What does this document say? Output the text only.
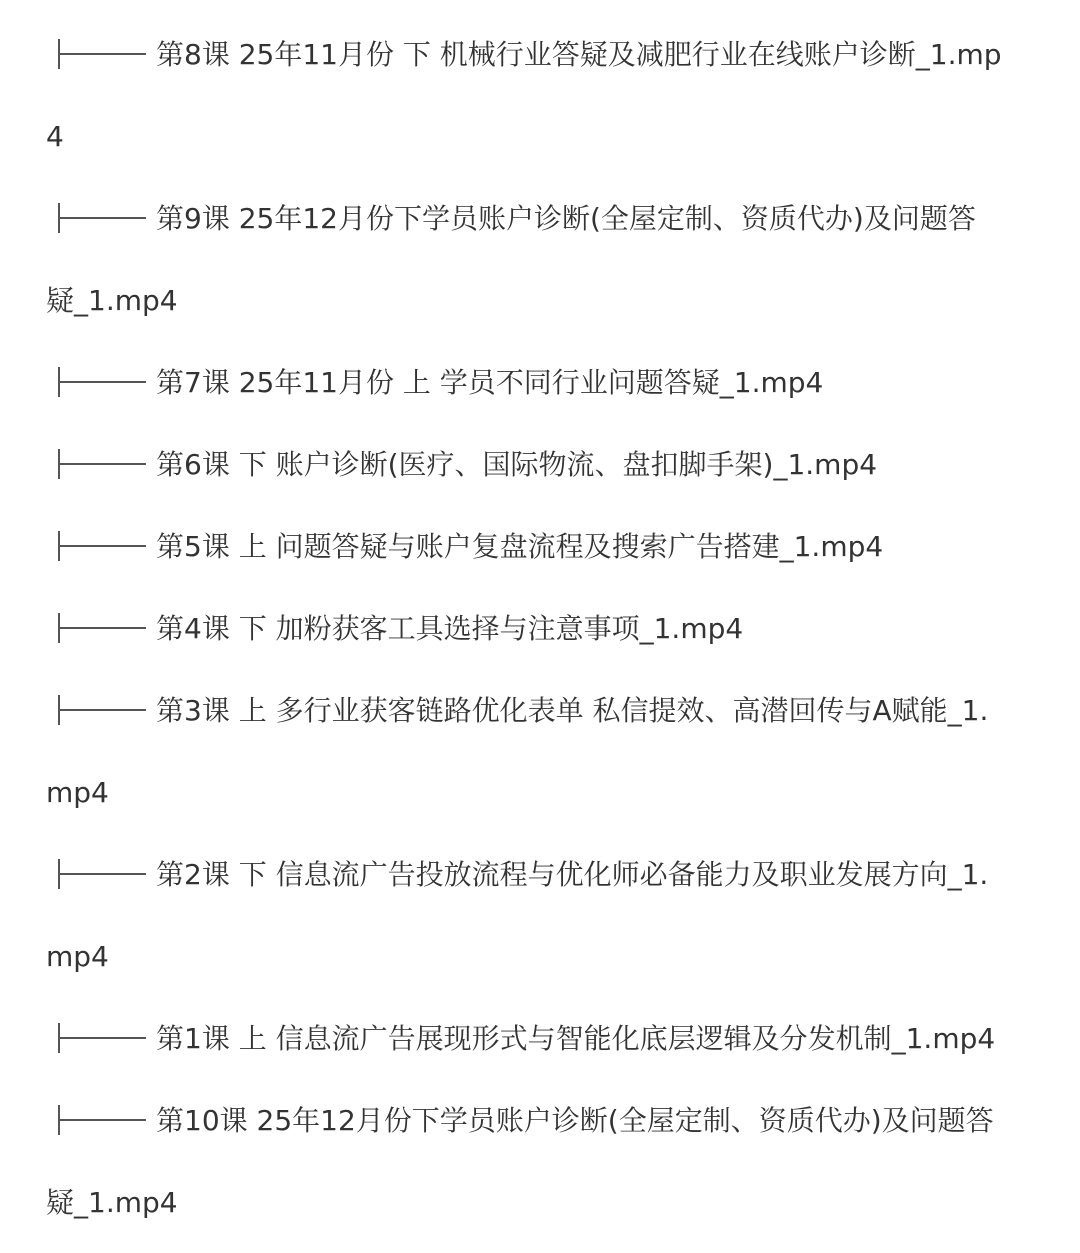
第8课 25年11月份 下 机械行业答疑及减肥行业在线账户诊断_1.mp
4
第9课 25年12月份下学员账户诊断(全屋定制、资质代办)及问题答
疑_1.mp4
第7课 25年11月份 上 学员不同行业问题答疑_1.mp4
第6课 下 账户诊断(医疗、国际物流、盘扣脚手架)_1.mp4
第5课 上 问题答疑与账户复盘流程及搜索广告搭建_1.mp4
第4课 下 加粉获客工具选择与注意事项_1.mp4
第3课 上 多行业获客链路优化表单 私信提效、高潜回传与A赋能_1.
mp4
第2课 下 信息流广告投放流程与优化师必备能力及职业发展方向_1.
mp4
第1课 上 信息流广告展现形式与智能化底层逻辑及分发机制_1.mp4
第10课 25年12月份下学员账户诊断(全屋定制、资质代办)及问题答
疑_1.mp4
